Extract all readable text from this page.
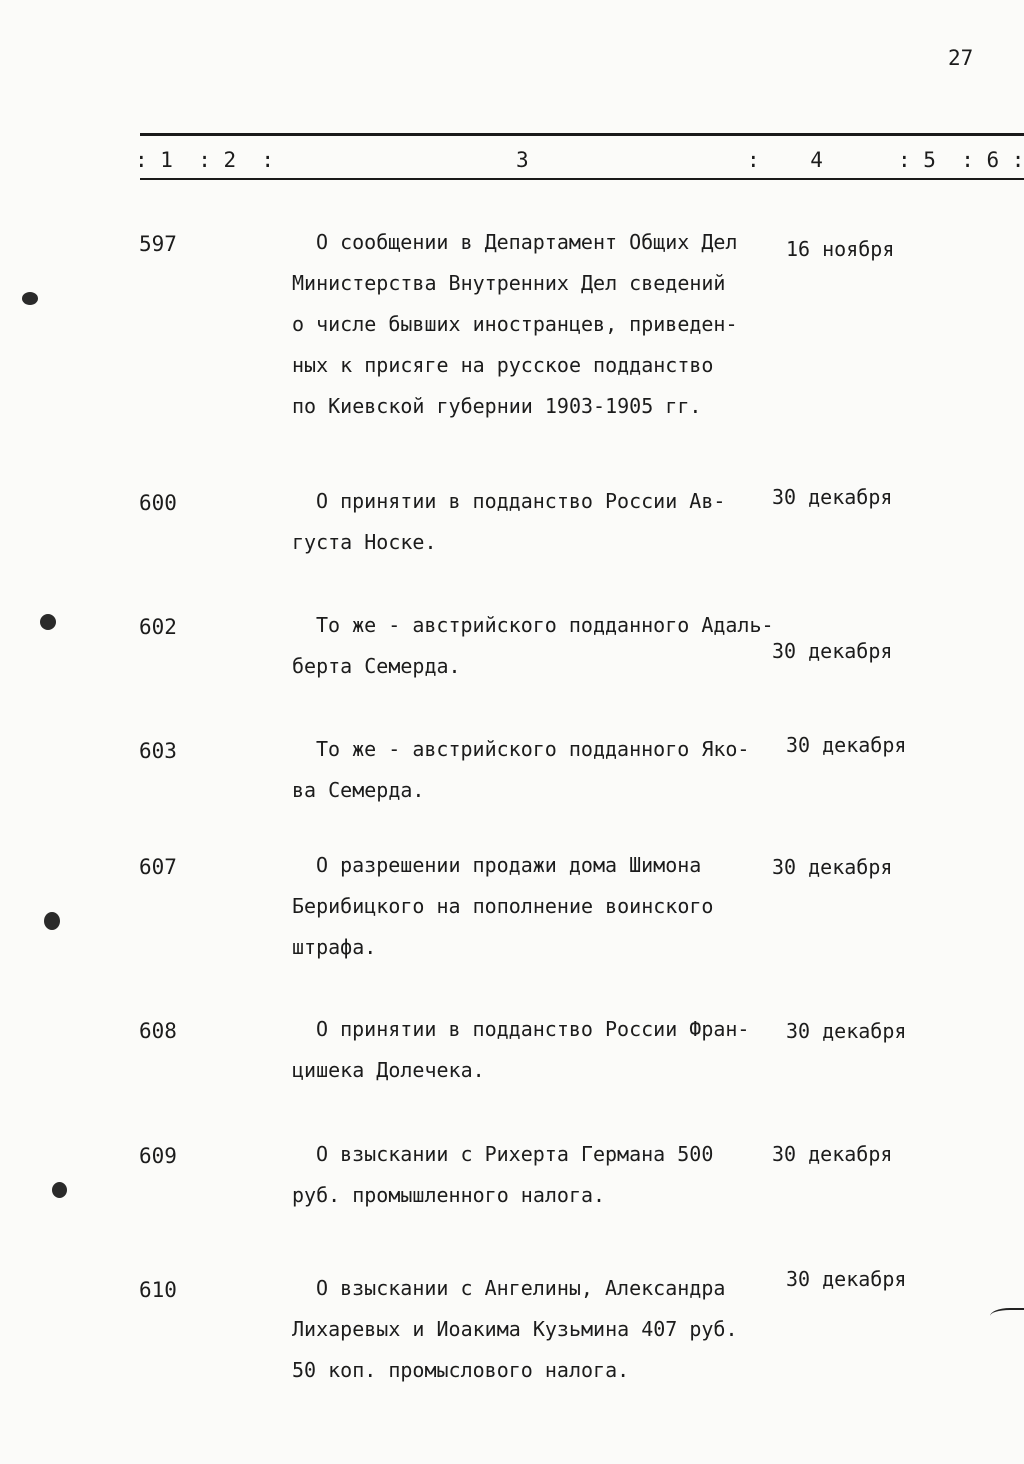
27
: 1  : 2  :	3	:    4	: 5  : 6 :
597	О сообщении в Департамент Общих Дел
Министерства Внутренних Дел сведений
о числе бывших иностранцев, приведен-
ных к присяге на русское подданство
по Киевской губернии 1903-1905 гг.
16 ноября
600	О принятии в подданство России Ав-
густа Носке.
30 декабря
602	То же - австрийского подданного Адаль-
берта Семерда.
30 декабря
603	То же - австрийского подданного Яко-
ва Семерда.
30 декабря
607	О разрешении продажи дома Шимона
Берибицкого на пополнение воинского
штрафа.
30 декабря
608	О принятии в подданство России Фран-
цишека Долечека.
30 декабря
609	О взыскании с Рихерта Германа 500
руб. промышленного налога.
30 декабря
610	О взыскании с Ангелины, Александра
Лихаревых и Иоакима Кузьмина 407 руб.
50 коп. промыслового налога.
30 декабря
